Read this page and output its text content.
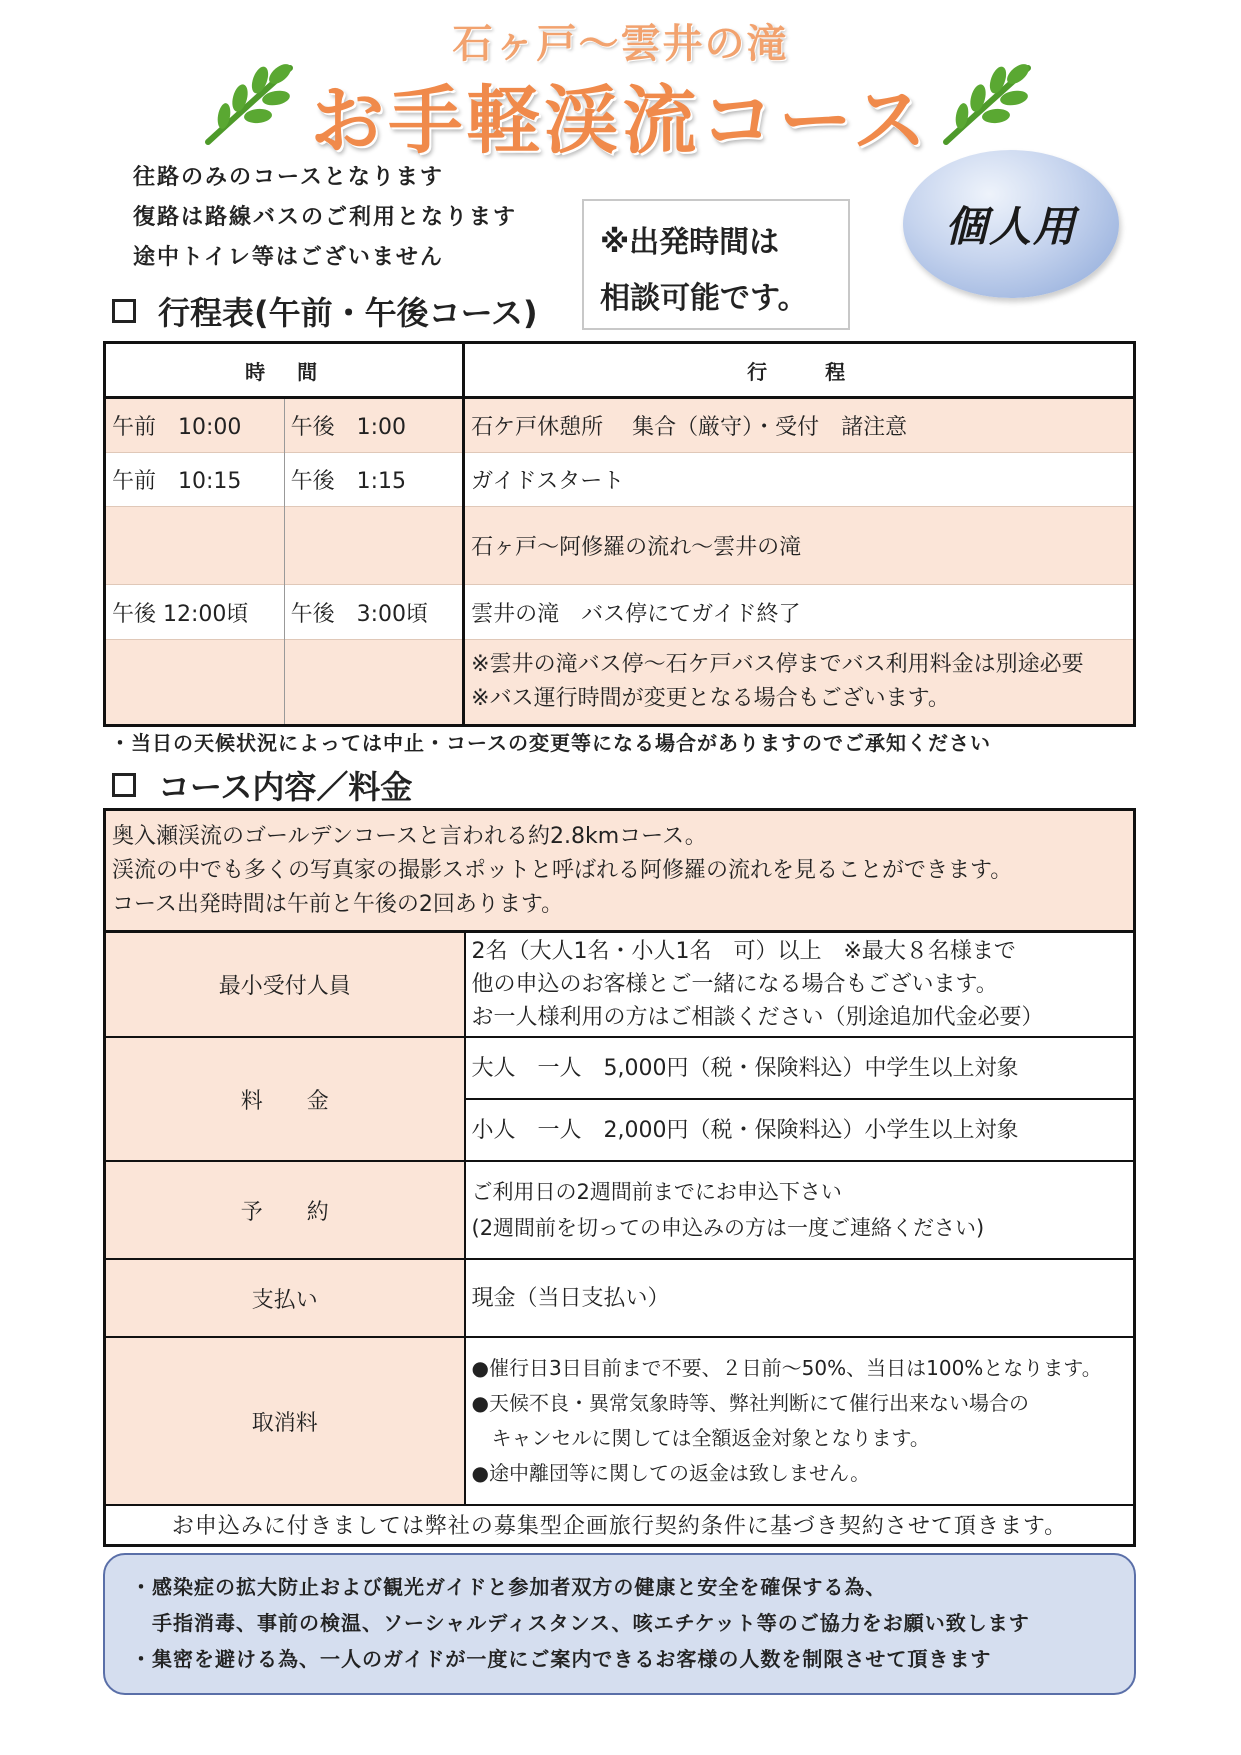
石ヶ戸〜雲井の滝
お手軽渓流コース
往路のみのコースとなります
復路は路線バスのご利用となります
途中トイレ等はございません	※出発時間は
相談可能です。
個人用
行程表(午前・午後コース)
時　間		行　　程
午前　10:00	午後　1:00	石ケ戸休憩所　 集合（厳守）・受付　諸注意
午前　10:15	午後　1:15	ガイドスタート
		石ヶ戸～阿修羅の流れ～雲井の滝
午後 12:00頃	午後　3:00頃	雲井の滝　バス停にてガイド終了

		※雲井の滝バス停～石ケ戸バス停までバス利用料金は別途必要
※バス運行時間が変更となる場合もございます。
・当日の天候状況によっては中止・コースの変更等になる場合がありますのでご承知ください
コース内容／料金
奥入瀬渓流のゴールデンコースと言われる約2.8kmコース。
渓流の中でも多くの写真家の撮影スポットと呼ばれる阿修羅の流れを見ることができます。
コース出発時間は午前と午後の2回あります。	

最小受付人員	2名（大人1名・小人1名　可）以上　※最大８名様まで
他の申込のお客様とご一緒になる場合もございます。
お一人様利用の方はご相談ください（別途追加代金必要）

料　　金	大人　一人　5,000円（税・保険料込）中学生以上対象
	小人　一人　2,000円（税・保険料込）小学生以上対象
予　　約	ご利用日の2週間前までにお申込下さい
(2週間前を切っての申込みの方は一度ご連絡ください)

支払い	現金（当日支払い）
取消料	●催行日3日目前まで不要、２日前～50%、当日は100%となります。
●天候不良・異常気象時等、弊社判断にて催行出来ない場合の
　キャンセルに関しては全額返金対象となります。
●途中離団等に関しての返金は致しません。

お申込みに付きましては弊社の募集型企画旅行契約条件に基づき契約させて頂きます。	
・感染症の拡大防止および観光ガイドと参加者双方の健康と安全を確保する為、
　手指消毒、事前の検温、ソーシャルディスタンス、咳エチケット等のご協力をお願い致します
・集密を避ける為、一人のガイドが一度にご案内できるお客様の人数を制限させて頂きます
